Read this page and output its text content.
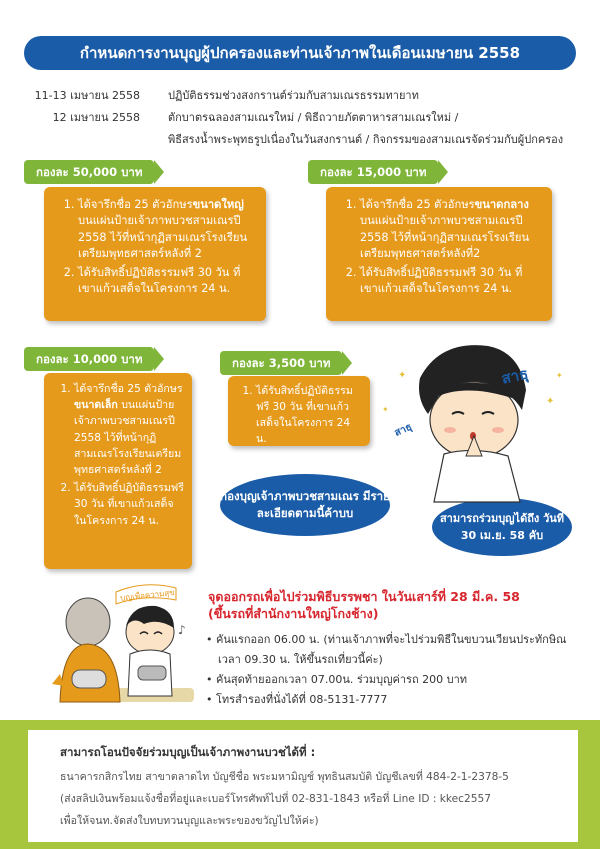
กำหนดการงานบุญผู้ปกครองและท่านเจ้าภาพในเดือนเมษายน 2558
11-13 เมษายน 2558	ปฏิบัติธรรมช่วงสงกรานต์ร่วมกับสามเณรธรรมทายาท
12 เมษายน 2558	ตักบาตรฉลองสามเณรใหม่ / พิธีถวายภัตตาหารสามเณรใหม่ /
พิธีสรงน้ำพระพุทธรูปเนื่องในวันสงกรานต์ / กิจกรรมของสามเณรจัดร่วมกับผู้ปกครอง
กองละ 50,000 บาท
1. ได้จารึกชื่อ 25 ตัวอักษรขนาดใหญ่ บนแผ่นป้ายเจ้าภาพบวชสามเณรปี 2558 ไว้ที่หน้ากุฏิสามเณรโรงเรียนเตรียมพุทธศาสตร์หลังที่ 2
2. ได้รับสิทธิ์ปฏิบัติธรรมฟรี 30 วัน ที่เขาแก้วเสด็จในโครงการ 24 น.
กองละ 15,000 บาท
1. ได้จารึกชื่อ 25 ตัวอักษรขนาดกลาง บนแผ่นป้ายเจ้าภาพบวชสามเณรปี 2558 ไว้ที่หน้ากุฏิสามเณรโรงเรียนเตรียมพุทธศาสตร์หลังที่2
2. ได้รับสิทธิ์ปฏิบัติธรรมฟรี 30 วัน ที่เขาแก้วเสด็จในโครงการ 24 น.
กองละ 10,000 บาท
1. ได้จารึกชื่อ 25 ตัวอักษร ขนาดเล็ก บนแผ่นป้ายเจ้าภาพบวชสามเณรปี 2558 ไว้ที่หน้ากุฏิสามเณรโรงเรียนเตรียมพุทธศาสตร์หลังที่ 2
2. ได้รับสิทธิ์ปฏิบัติธรรมฟรี 30 วัน ที่เขาแก้วเสด็จในโครงการ 24 น.
กองละ 3,500 บาท
1. ได้รับสิทธิ์ปฏิบัติธรรมฟรี 30 วัน ที่เขาแก้วเสด็จในโครงการ 24 น.
กองบุญเจ้าภาพบวชสามเณร มีรายละเอียดตามนี้ค้าบบ	สามารถร่วมบุญได้ถึง วันที่ 30 เม.ย. 58 คับ
✦
✦
✦
✦
สาธุ
สาธุ
บุญเพื่อความสุข
♪
จุดออกรถเพื่อไปร่วมพิธีบรรพชา ในวันเสาร์ที่ 28 มี.ค. 58
(ขึ้นรถที่สำนักงานใหญ่โกงช้าง)
• คันแรกออก 06.00 น. (ท่านเจ้าภาพที่จะไปร่วมพิธีในขบวนเวียนประทักษิณ
เวลา 09.30 น. ให้ขึ้นรถเที่ยวนี้ค่ะ)
• คันสุดท้ายออกเวลา 07.00น. ร่วมบุญค่ารถ 200 บาท
• โทรสำรองที่นั่งได้ที่ 08-5131-7777
สามารถโอนปัจจัยร่วมบุญเป็นเจ้าภาพงานบวชได้ที่ :
ธนาคารกสิกรไทย สาขาตลาดไท บัญชีชื่อ พระมหามิญช์ พุทธินสมบัติ บัญชีเลขที่ 484-2-1-2378-5
(ส่งสลิปเงินพร้อมแจ้งชื่อที่อยู่และเบอร์โทรศัพท์ไปที่ 02-831-1843 หรือที่ Line ID : kkec2557
เพื่อให้จนท.จัดส่งใบทบทวนบุญและพระของขวัญไปให้ค่ะ)
